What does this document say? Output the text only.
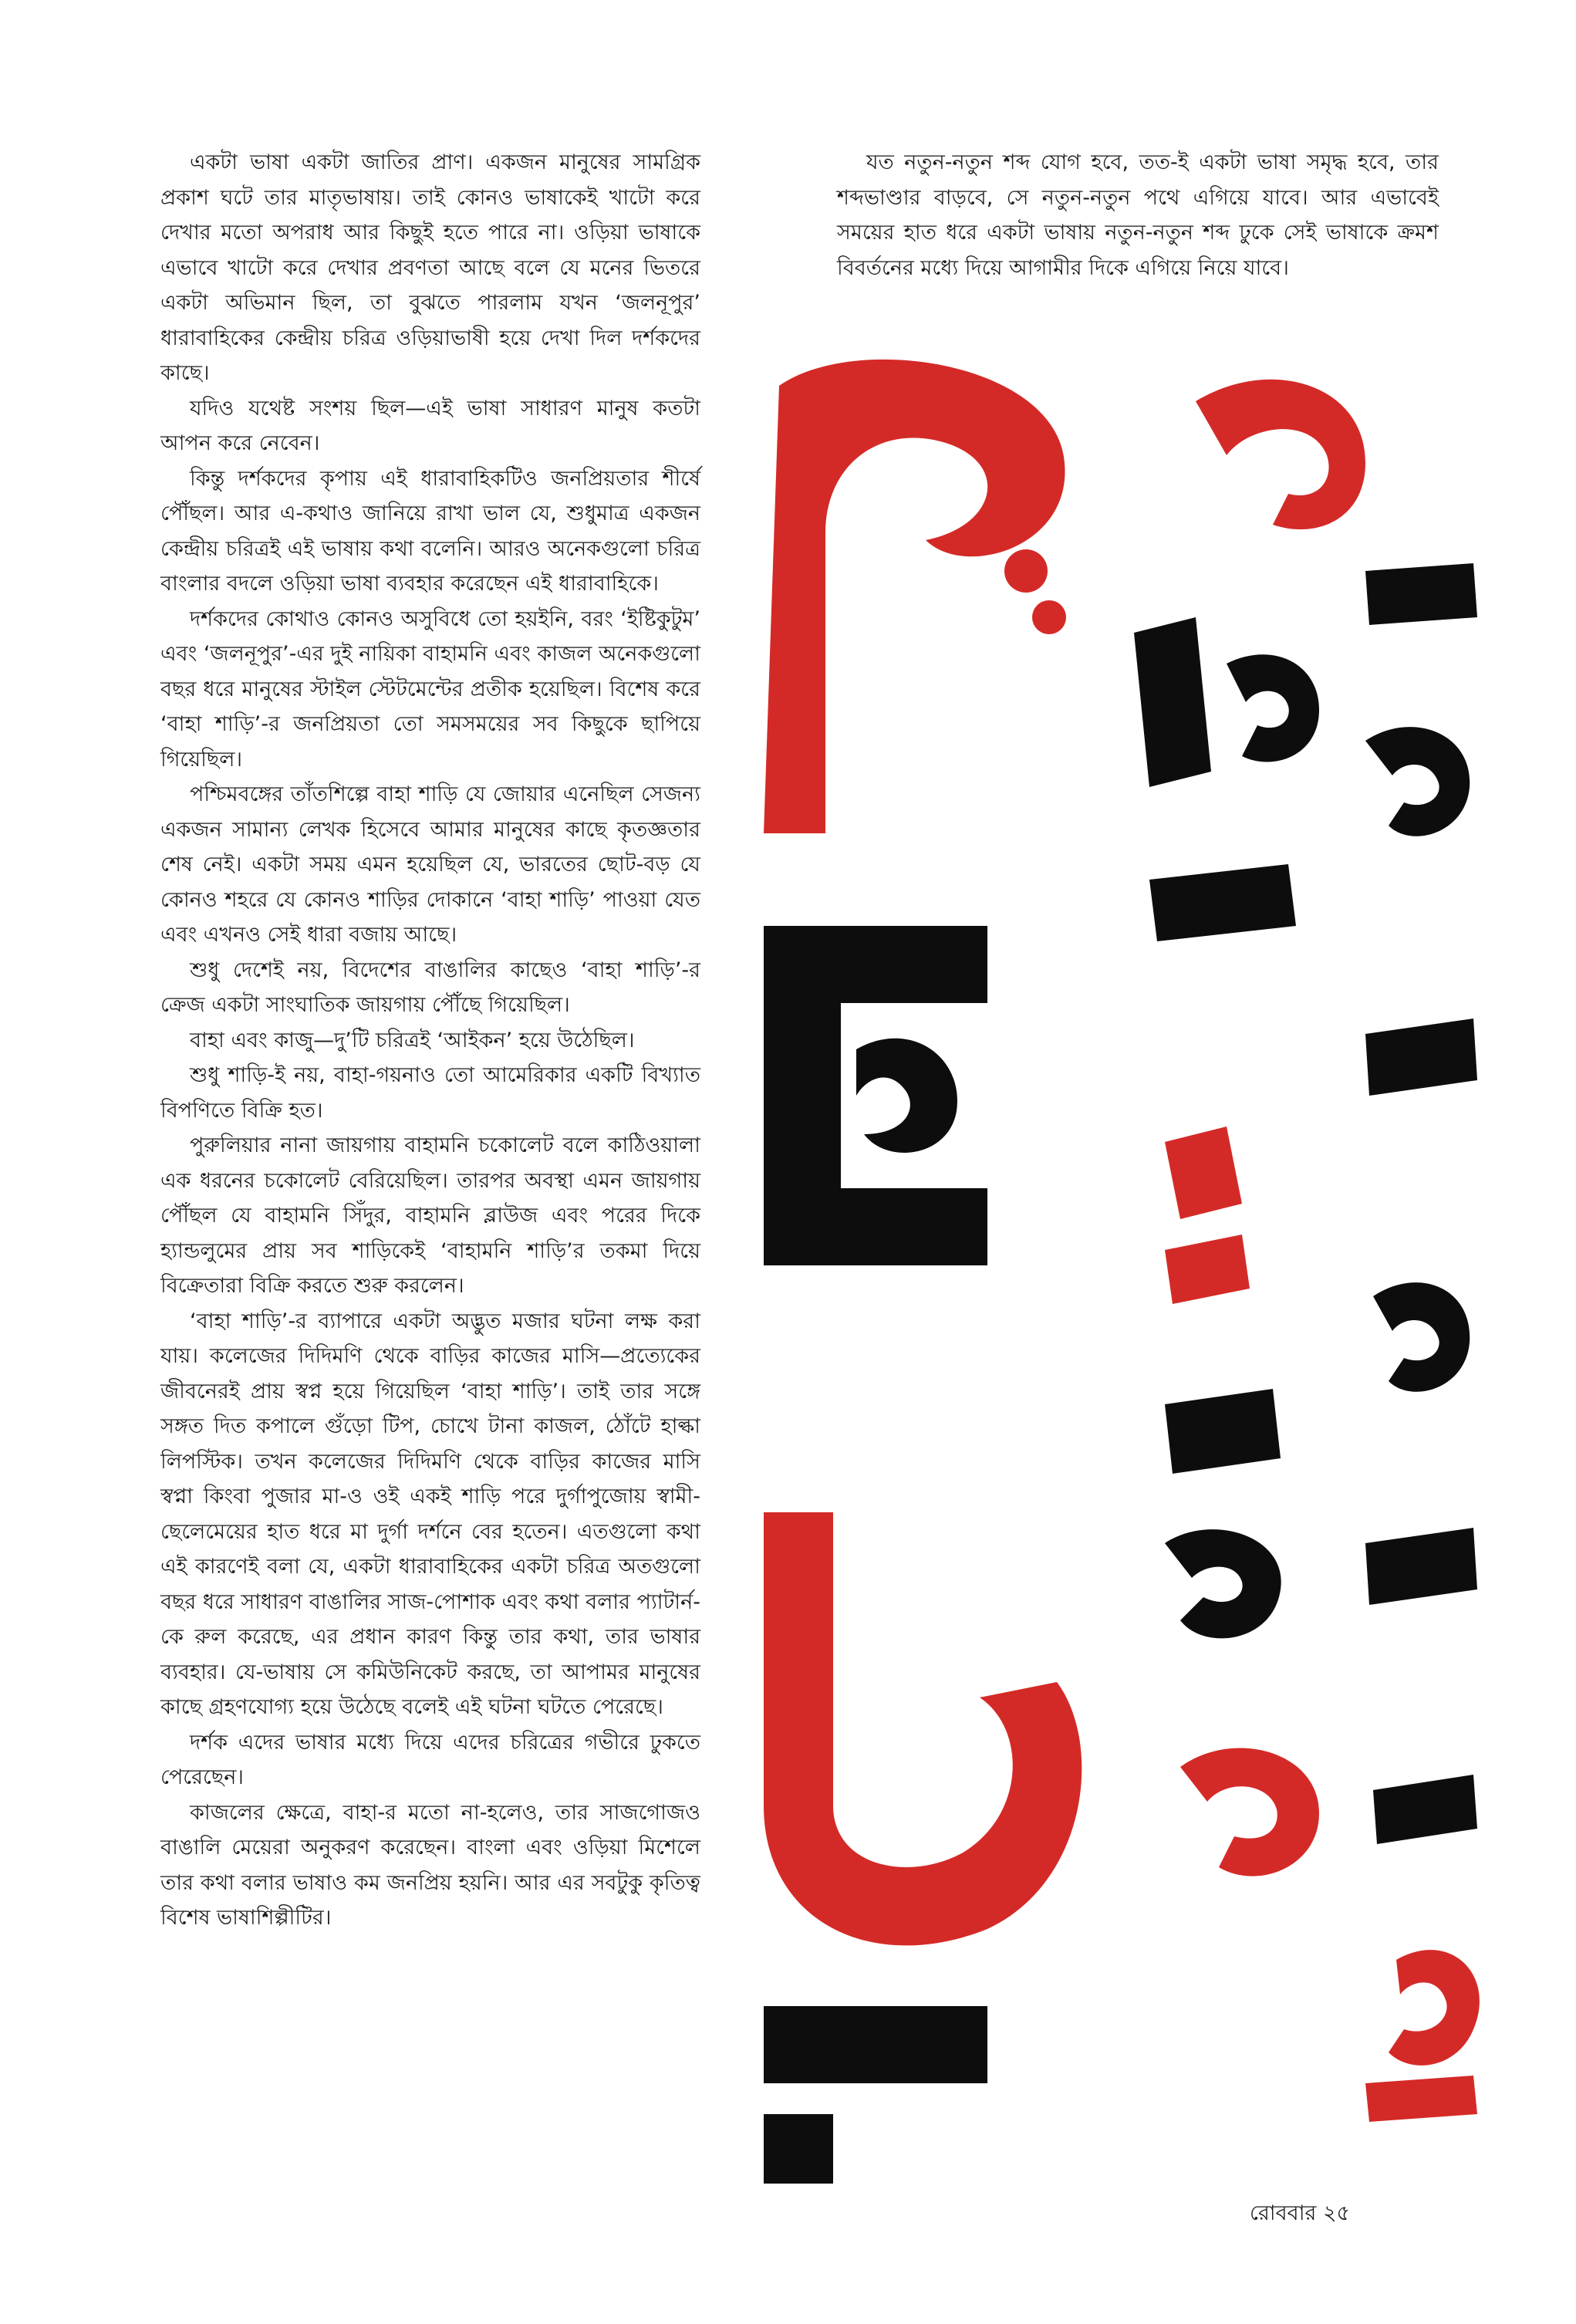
একটা ভাষা একটা জাতির প্রাণ। একজন মানুষের সামগ্রিক প্রকাশ ঘটে তার মাতৃভাষায়। তাই কোনও ভাষাকেই খাটো করে দেখার মতো অপরাধ আর কিছুই হতে পারে না। ওড়িয়া ভাষাকে এভাবে খাটো করে দেখার প্রবণতা আছে বলে যে মনের ভিতরে একটা অভিমান ছিল, তা বুঝতে পারলাম যখন ‘জলনূপুর’ ধারাবাহিকের কেন্দ্রীয় চরিত্র ওড়িয়াভাষী হয়ে দেখা দিল দর্শকদের কাছে।

যদিও যথেষ্ট সংশয় ছিল—এই ভাষা সাধারণ মানুষ কতটা আপন করে নেবেন।

কিন্তু দর্শকদের কৃপায় এই ধারাবাহিকটিও জনপ্রিয়তার শীর্ষে পৌঁছল। আর এ-কথাও জানিয়ে রাখা ভাল যে, শুধুমাত্র একজন কেন্দ্রীয় চরিত্রই এই ভাষায় কথা বলেনি। আরও অনেকগুলো চরিত্র বাংলার বদলে ওড়িয়া ভাষা ব্যবহার করেছেন এই ধারাবাহিকে।

দর্শকদের কোথাও কোনও অসুবিধে তো হয়ইনি, বরং ‘ইষ্টিকুটুম’ এবং ‘জলনূপুর’-এর দুই নায়িকা বাহামনি এবং কাজল অনেকগুলো বছর ধরে মানুষের স্টাইল স্টেটমেন্টের প্রতীক হয়েছিল। বিশেষ করে ‘বাহা শাড়ি’-র জনপ্রিয়তা তো সমসময়ের সব কিছুকে ছাপিয়ে গিয়েছিল।

পশ্চিমবঙ্গের তাঁতশিল্পে বাহা শাড়ি যে জোয়ার এনেছিল সেজন্য একজন সামান্য লেখক হিসেবে আমার মানুষের কাছে কৃতজ্ঞতার শেষ নেই। একটা সময় এমন হয়েছিল যে, ভারতের ছোট-বড় যে কোনও শহরে যে কোনও শাড়ির দোকানে ‘বাহা শাড়ি’ পাওয়া যেত এবং এখনও সেই ধারা বজায় আছে।

শুধু দেশেই নয়, বিদেশের বাঙালির কাছেও ‘বাহা শাড়ি’-র ক্রেজ একটা সাংঘাতিক জায়গায় পৌঁছে গিয়েছিল।

বাহা এবং কাজু—দু’টি চরিত্রই ‘আইকন’ হয়ে উঠেছিল।

শুধু শাড়ি-ই নয়, বাহা-গয়নাও তো আমেরিকার একটি বিখ্যাত বিপণিতে বিক্রি হত।

পুরুলিয়ার নানা জায়গায় বাহামনি চকোলেট বলে কাঠিওয়ালা এক ধরনের চকোলেট বেরিয়েছিল। তারপর অবস্থা এমন জায়গায় পৌঁছল যে বাহামনি সিঁদুর, বাহামনি ব্লাউজ এবং পরের দিকে হ্যান্ডলুমের প্রায় সব শাড়িকেই ‘বাহামনি শাড়ি’র তকমা দিয়ে বিক্রেতারা বিক্রি করতে শুরু করলেন।

‘বাহা শাড়ি’-র ব্যাপারে একটা অদ্ভুত মজার ঘটনা লক্ষ করা যায়। কলেজের দিদিমণি থেকে বাড়ির কাজের মাসি—প্রত্যেকের জীবনেরই প্রায় স্বপ্ন হয়ে গিয়েছিল ‘বাহা শাড়ি’। তাই তার সঙ্গে সঙ্গত দিত কপালে গুঁড়ো টিপ, চোখে টানা কাজল, ঠোঁটে হাল্কা লিপস্টিক। তখন কলেজের দিদিমণি থেকে বাড়ির কাজের মাসি স্বপ্না কিংবা পুজার মা-ও ওই একই শাড়ি পরে দুর্গাপুজোয় স্বামী-ছেলেমেয়ের হাত ধরে মা দুর্গা দর্শনে বের হতেন। এতগুলো কথা এই কারণেই বলা যে, একটা ধারাবাহিকের একটা চরিত্র অতগুলো বছর ধরে সাধারণ বাঙালির সাজ-পোশাক এবং কথা বলার প্যাটার্ন-কে রুল করেছে, এর প্রধান কারণ কিন্তু তার কথা, তার ভাষার ব্যবহার। যে-ভাষায় সে কমিউনিকেট করছে, তা আপামর মানুষের কাছে গ্রহণযোগ্য হয়ে উঠেছে বলেই এই ঘটনা ঘটতে পেরেছে।

দর্শক এদের ভাষার মধ্যে দিয়ে এদের চরিত্রের গভীরে ঢুকতে পেরেছেন।

কাজলের ক্ষেত্রে, বাহা-র মতো না-হলেও, তার সাজগোজও বাঙালি মেয়েরা অনুকরণ করেছেন। বাংলা এবং ওড়িয়া মিশেলে তার কথা বলার ভাষাও কম জনপ্রিয় হয়নি। আর এর সবটুকু কৃতিত্ব বিশেষ ভাষাশিল্পীটির।

যত নতুন-নতুন শব্দ যোগ হবে, তত-ই একটা ভাষা সমৃদ্ধ হবে, তার শব্দভাণ্ডার বাড়বে, সে নতুন-নতুন পথে এগিয়ে যাবে। আর এভাবেই সময়ের হাত ধরে একটা ভাষায় নতুন-নতুন শব্দ ঢুকে সেই ভাষাকে ক্রমশ বিবর্তনের মধ্যে দিয়ে আগামীর দিকে এগিয়ে নিয়ে যাবে।

রোববার ২৫
